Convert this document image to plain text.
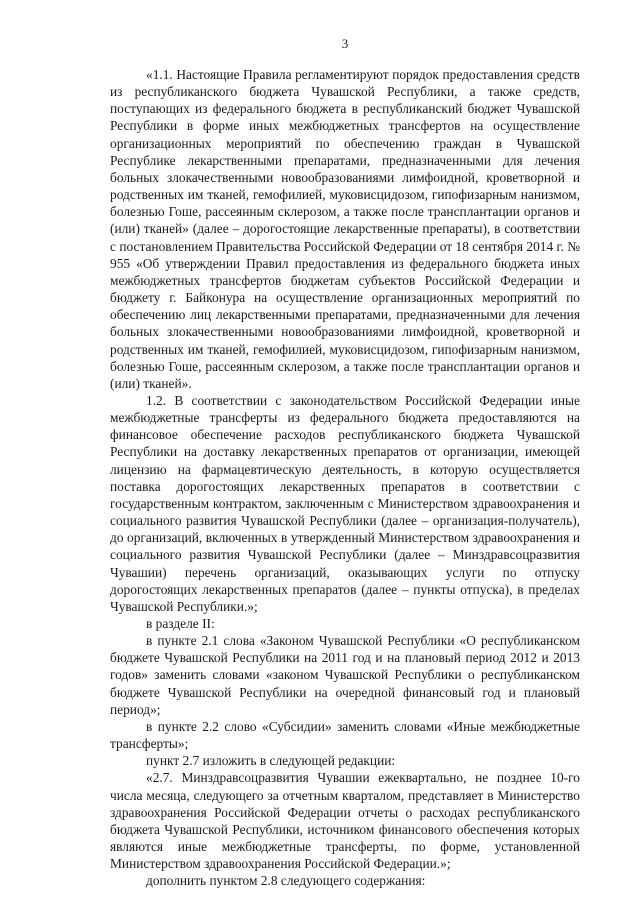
3

«1.1. Настоящие Правила регламентируют порядок предоставления средств из республиканского бюджета Чувашской Республики, а также средств, поступающих из федерального бюджета в республиканский бюджет Чувашской Республики в форме иных межбюджетных трансфертов на осуществление организационных мероприятий по обеспечению граждан в Чувашской Республике лекарственными препаратами, предназначенными для лечения больных злокачественными новообразованиями лимфоидной, кроветворной и родственных им тканей, гемофилией, муковисцидозом, гипофизарным нанизмом, болезнью Гоше, рассеянным склерозом, а также после трансплантации органов и (или) тканей» (далее – дорогостоящие лекарственные препараты), в соответствии с постановлением Правительства Российской Федерации от 18 сентября 2014 г. № 955 «Об утверждении Правил предоставления из федерального бюджета иных межбюджетных трансфертов бюджетам субъектов Российской Федерации и бюджету г. Байконура на осуществление организационных мероприятий по обеспечению лиц лекарственными препаратами, предназначенными для лечения больных злокачественными новообразованиями лимфоидной, кроветворной и родственных им тканей, гемофилией, муковисцидозом, гипофизарным нанизмом, болезнью Гоше, рассеянным склерозом, а также после трансплантации органов и (или) тканей».

1.2. В соответствии с законодательством Российской Федерации иные межбюджетные трансферты из федерального бюджета предоставляются на финансовое обеспечение расходов республиканского бюджета Чувашской Республики на доставку лекарственных препаратов от организации, имеющей лицензию на фармацевтическую деятельность, в которую осуществляется поставка дорогостоящих лекарственных препаратов в соответствии с государственным контрактом, заключенным с Министерством здравоохранения и социального развития Чувашской Республики (далее – организация-получатель), до организаций, включенных в утвержденный Министерством здравоохранения и социального развития Чувашской Республики (далее – Минздравсоцразвития Чувашии) перечень организаций, оказывающих услуги по отпуску дорогостоящих лекарственных препаратов (далее – пункты отпуска), в пределах Чувашской Республики.»;

в разделе II:

в пункте 2.1 слова «Законом Чувашской Республики «О республиканском бюджете Чувашской Республики на 2011 год и на плановый период 2012 и 2013 годов» заменить словами «законом Чувашской Республики о республиканском бюджете Чувашской Республики на очередной финансовый год и плановый период»;

в пункте 2.2 слово «Субсидии» заменить словами «Иные межбюджетные трансферты»;

пункт 2.7 изложить в следующей редакции:

«2.7. Минздравсоцразвития Чувашии ежеквартально, не позднее 10-го числа месяца, следующего за отчетным кварталом, представляет в Министерство здравоохранения Российской Федерации отчеты о расходах республиканского бюджета Чувашской Республики, источником финансового обеспечения которых являются иные межбюджетные трансферты, по форме, установленной Министерством здравоохранения Российской Федерации.»;

дополнить пунктом 2.8 следующего содержания:
